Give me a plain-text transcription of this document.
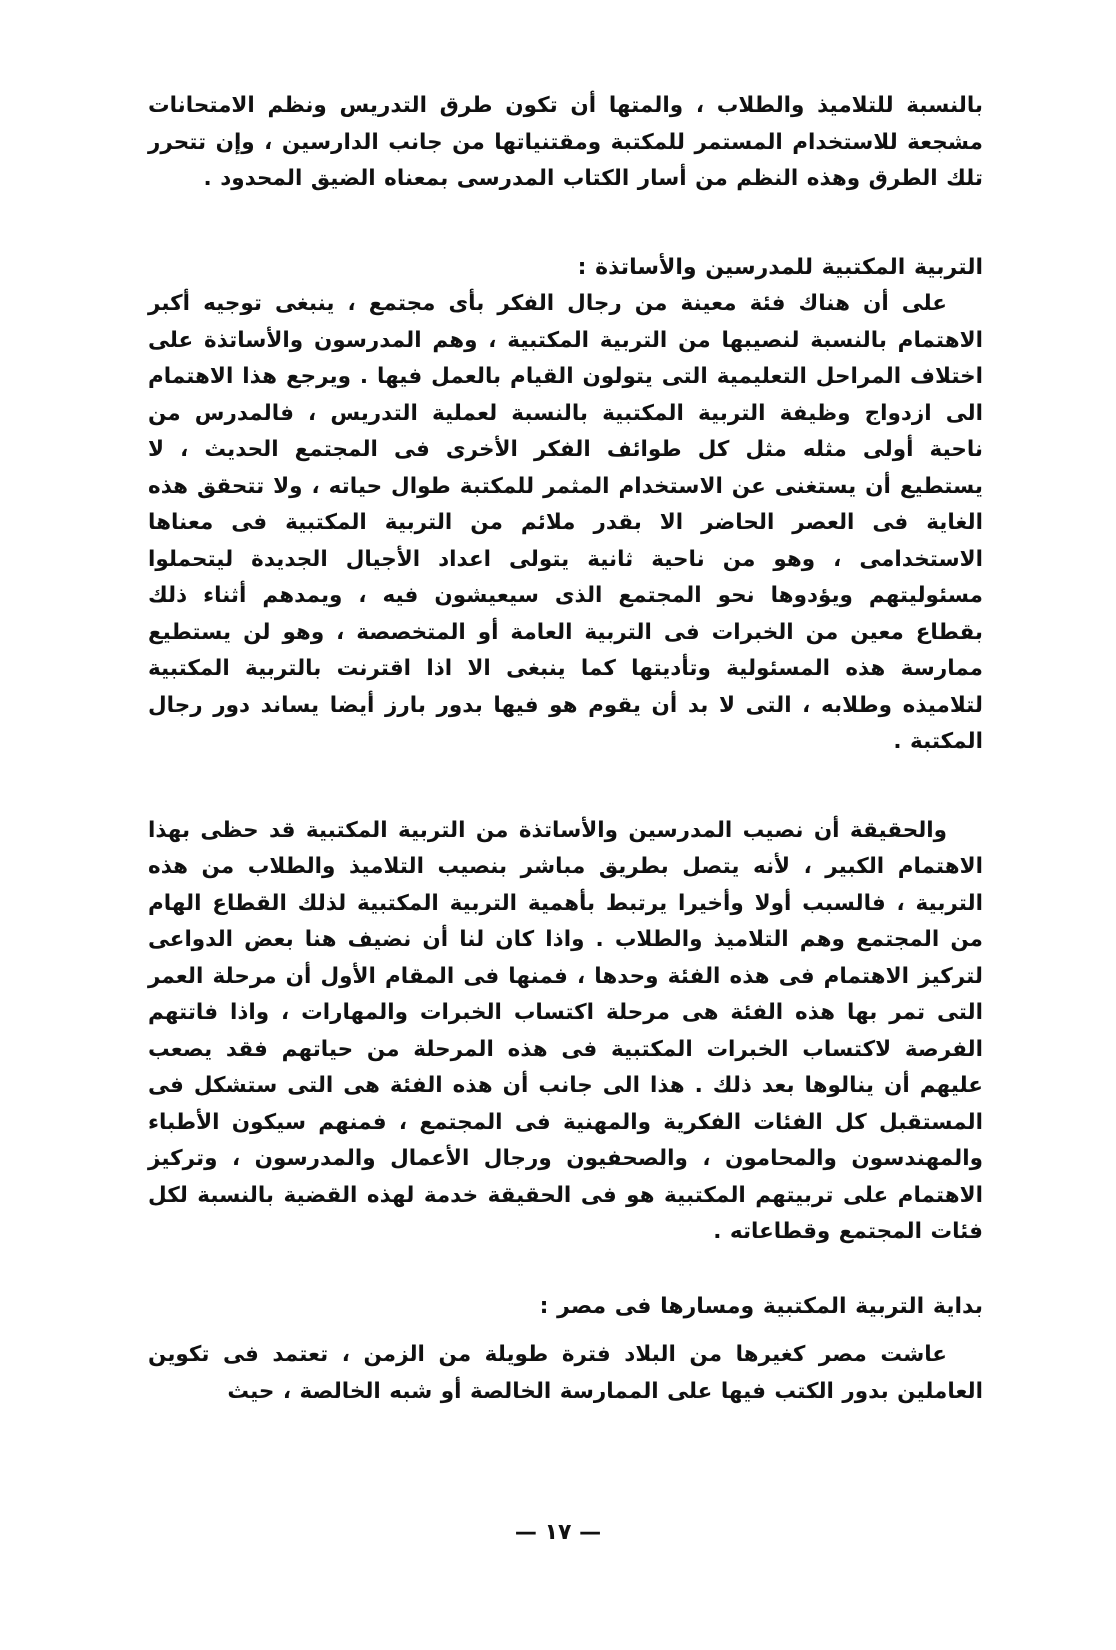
بالنسبة للتلاميذ والطلاب ، والمتها أن تكون طرق التدريس ونظم الامتحانات مشجعة للاستخدام المستمر للمكتبة ومقتنياتها من جانب الدارسين ، وإن تتحرر تلك الطرق وهذه النظم من أسار الكتاب المدرسى بمعناه الضيق المحدود .

التربية المكتبية للمدرسين والأساتذة :

على أن هناك فئة معينة من رجال الفكر بأى مجتمع ، ينبغى توجيه أكبر الاهتمام بالنسبة لنصيبها من التربية المكتبية ، وهم المدرسون والأساتذة على اختلاف المراحل التعليمية التى يتولون القيام بالعمل فيها . ويرجع هذا الاهتمام الى ازدواج وظيفة التربية المكتبية بالنسبة لعملية التدريس ، فالمدرس من ناحية أولى مثله مثل كل طوائف الفكر الأخرى فى المجتمع الحديث ، لا يستطيع أن يستغنى عن الاستخدام المثمر للمكتبة طوال حياته ، ولا تتحقق هذه الغاية فى العصر الحاضر الا بقدر ملائم من التربية المكتبية فى معناها الاستخدامى ، وهو من ناحية ثانية يتولى اعداد الأجيال الجديدة ليتحملوا مسئوليتهم ويؤدوها نحو المجتمع الذى سيعيشون فيه ، ويمدهم أثناء ذلك بقطاع معين من الخبرات فى التربية العامة أو المتخصصة ، وهو لن يستطيع ممارسة هذه المسئولية وتأديتها كما ينبغى الا اذا اقترنت بالتربية المكتبية لتلاميذه وطلابه ، التى لا بد أن يقوم هو فيها بدور بارز أيضا يساند دور رجال المكتبة .

والحقيقة أن نصيب المدرسين والأساتذة من التربية المكتبية قد حظى بهذا الاهتمام الكبير ، لأنه يتصل بطريق مباشر بنصيب التلاميذ والطلاب من هذه التربية ، فالسبب أولا وأخيرا يرتبط بأهمية التربية المكتبية لذلك القطاع الهام من المجتمع وهم التلاميذ والطلاب . واذا كان لنا أن نضيف هنا بعض الدواعى لتركيز الاهتمام فى هذه الفئة وحدها ، فمنها فى المقام الأول أن مرحلة العمر التى تمر بها هذه الفئة هى مرحلة اكتساب الخبرات والمهارات ، واذا فاتتهم الفرصة لاكتساب الخبرات المكتبية فى هذه المرحلة من حياتهم فقد يصعب عليهم أن ينالوها بعد ذلك . هذا الى جانب أن هذه الفئة هى التى ستشكل فى المستقبل كل الفئات الفكرية والمهنية فى المجتمع ، فمنهم سيكون الأطباء والمهندسون والمحامون ، والصحفيون ورجال الأعمال والمدرسون ، وتركيز الاهتمام على تربيتهم المكتبية هو فى الحقيقة خدمة لهذه القضية بالنسبة لكل فئات المجتمع وقطاعاته .

بداية التربية المكتبية ومسارها فى مصر :

عاشت مصر كغيرها من البلاد فترة طويلة من الزمن ، تعتمد فى تكوين العاملين بدور الكتب فيها على الممارسة الخالصة أو شبه الخالصة ، حيث

— ١٧ —
